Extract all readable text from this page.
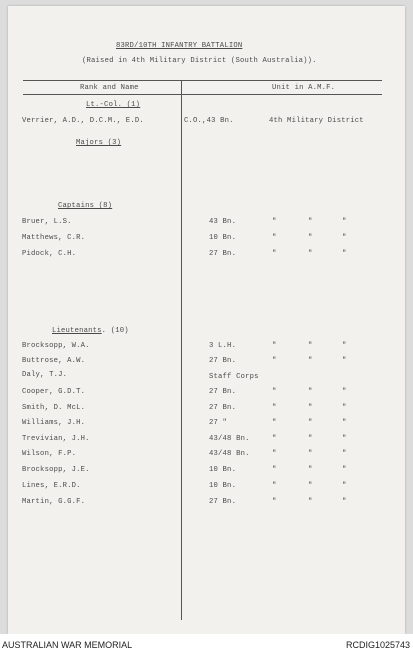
83RD/10TH INFANTRY BATTALION
(Raised in 4th Military District (South Australia)).
Rank and Name	Unit in A.M.F.
Lt.-Col. (1)
Verrier, A.D., D.C.M., E.D.	C.O.,43 Bn.	4th Military District
Majors (3)
Captains (8)
Bruer, L.S.	43 Bn.	"	"	"
Matthews, C.R.	10 Bn.	"	"	"
Pidock, C.H.	27 Bn.	"	"	"
Lieutenants. (10)
Brocksopp, W.A.	3 L.H.	"	"	"
Buttrose, A.W.	27 Bn.	"	"	"
Daly, T.J.	Staff Corps
Cooper, G.D.T.	27 Bn.	"	"	"
Smith, D. McL.	27 Bn.	"	"	"
Williams, J.H.	27 "	"	"	"
Trevivian, J.H.	43/48 Bn.	"	"	"
Wilson, F.P.	43/48 Bn.	"	"	"
Brocksopp, J.E.	10 Bn.	"	"	"
Lines, E.R.D.	10 Bn.	"	"	"
Martin, G.G.F.	27 Bn.	"	"	"
AUSTRALIAN WAR MEMORIAL	RCDIG1025743
